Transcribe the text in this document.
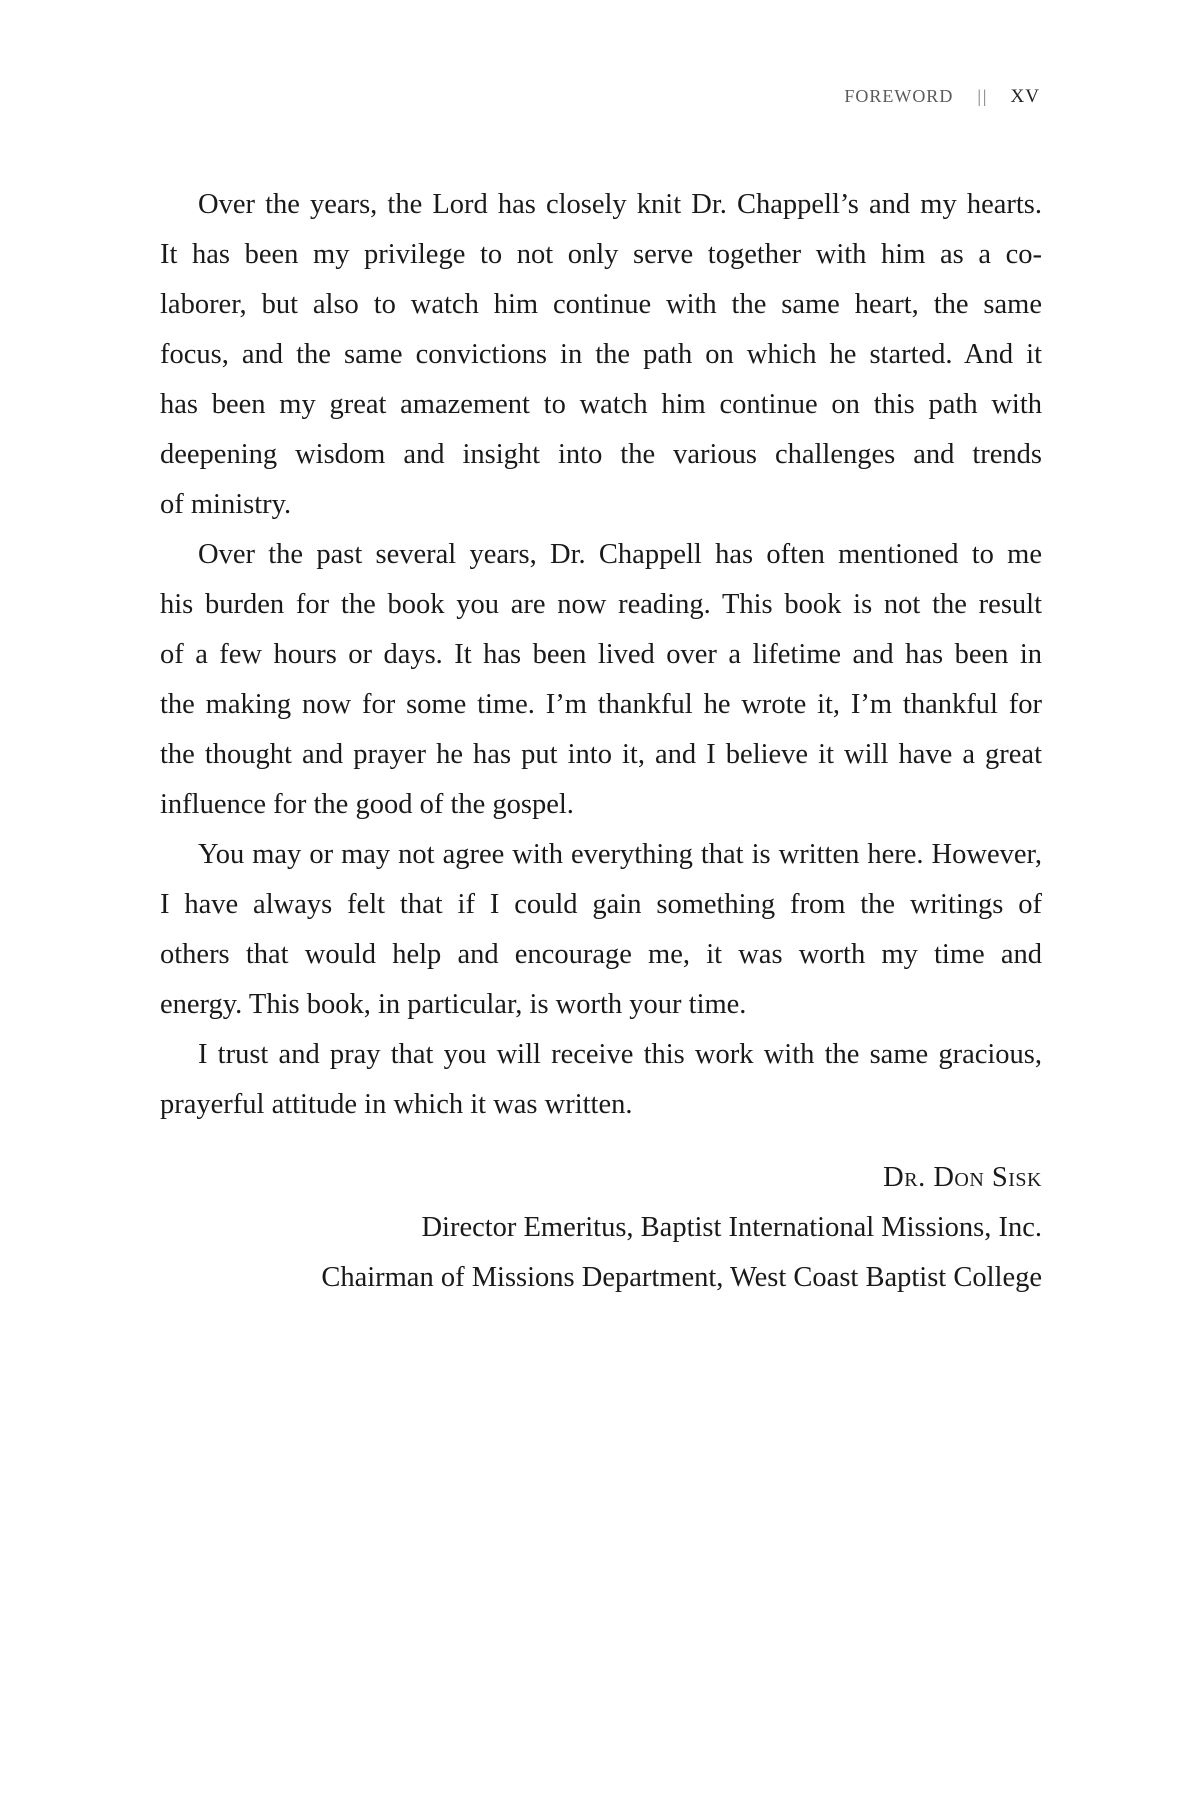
FOREWORD || XV
Over the years, the Lord has closely knit Dr. Chappell’s and my hearts.
It has been my privilege to not only serve together with him as a co-
laborer, but also to watch him continue with the same heart, the same
focus, and the same convictions in the path on which he started. And it
has been my great amazement to watch him continue on this path with
deepening wisdom and insight into the various challenges and trends
of ministry.
Over the past several years, Dr. Chappell has often mentioned to me
his burden for the book you are now reading. This book is not the result
of a few hours or days. It has been lived over a lifetime and has been in
the making now for some time. I’m thankful he wrote it, I’m thankful for
the thought and prayer he has put into it, and I believe it will have a great
influence for the good of the gospel.
You may or may not agree with everything that is written here. However,
I have always felt that if I could gain something from the writings of
others that would help and encourage me, it was worth my time and
energy. This book, in particular, is worth your time.
I trust and pray that you will receive this work with the same gracious,
prayerful attitude in which it was written.
Dr. Don Sisk
Director Emeritus, Baptist International Missions, Inc.
Chairman of Missions Department, West Coast Baptist College
